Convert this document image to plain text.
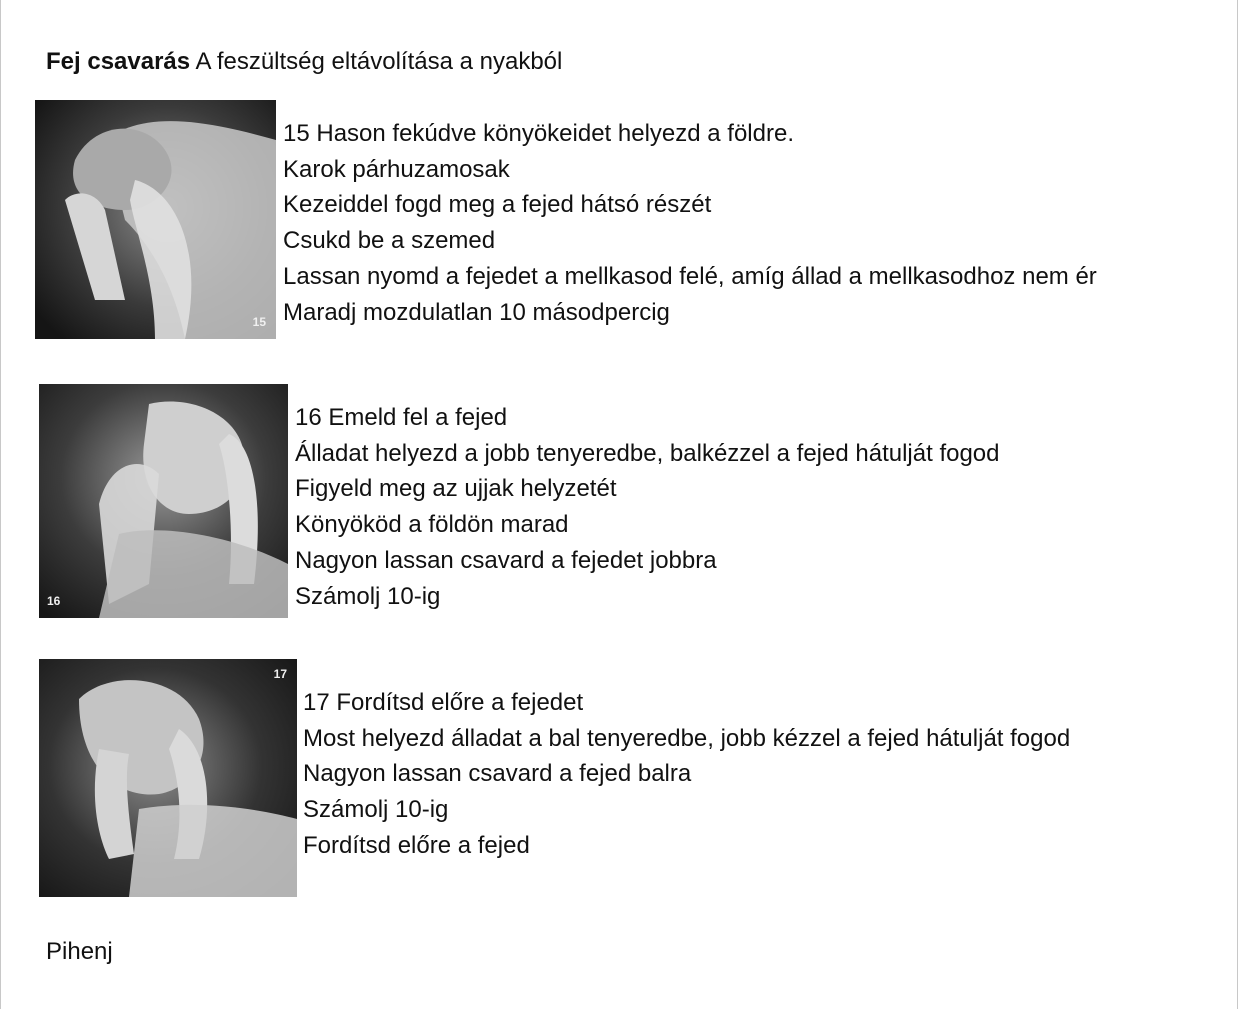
Fej csavarás A feszültség eltávolítása a nyakból
15
15 Hason fekúdve könyökeidet helyezd a földre.
Karok párhuzamosak
Kezeiddel fogd meg a fejed hátsó részét
Csukd be a szemed
Lassan nyomd a fejedet a mellkasod felé, amíg állad a mellkasodhoz nem ér
Maradj mozdulatlan 10 másodpercig
16
16 Emeld fel a fejed
Álladat helyezd a jobb tenyeredbe, balkézzel a fejed hátulját fogod
Figyeld meg az ujjak helyzetét
Könyököd a földön marad
Nagyon lassan csavard a fejedet jobbra
Számolj 10-ig
17
17 Fordítsd előre a fejedet
Most helyezd álladat a bal tenyeredbe, jobb kézzel a fejed hátulját fogod
Nagyon lassan csavard a fejed balra
Számolj 10-ig
Fordítsd előre a fejed
Pihenj
